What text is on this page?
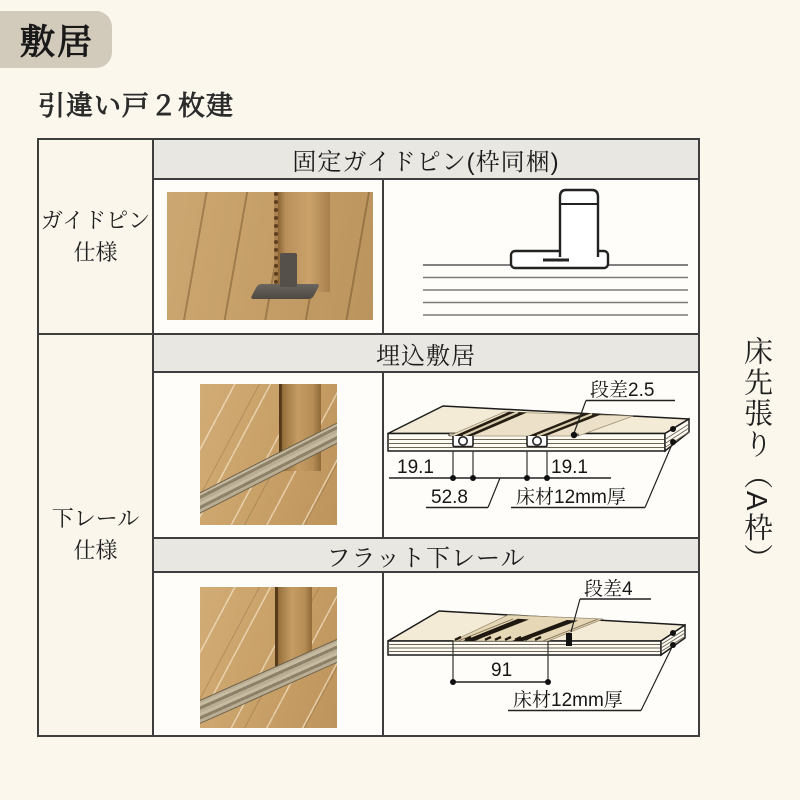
敷居
引違い戸２枚建
ガイドピン
仕様
下レール
仕様
固定ガイドピン(枠同梱)
埋込敷居
フラット下レール
19.1	19.1
52.8	床材12mm厚
段差2.5
段差4
91
床材12mm厚
床先張り（A枠）
